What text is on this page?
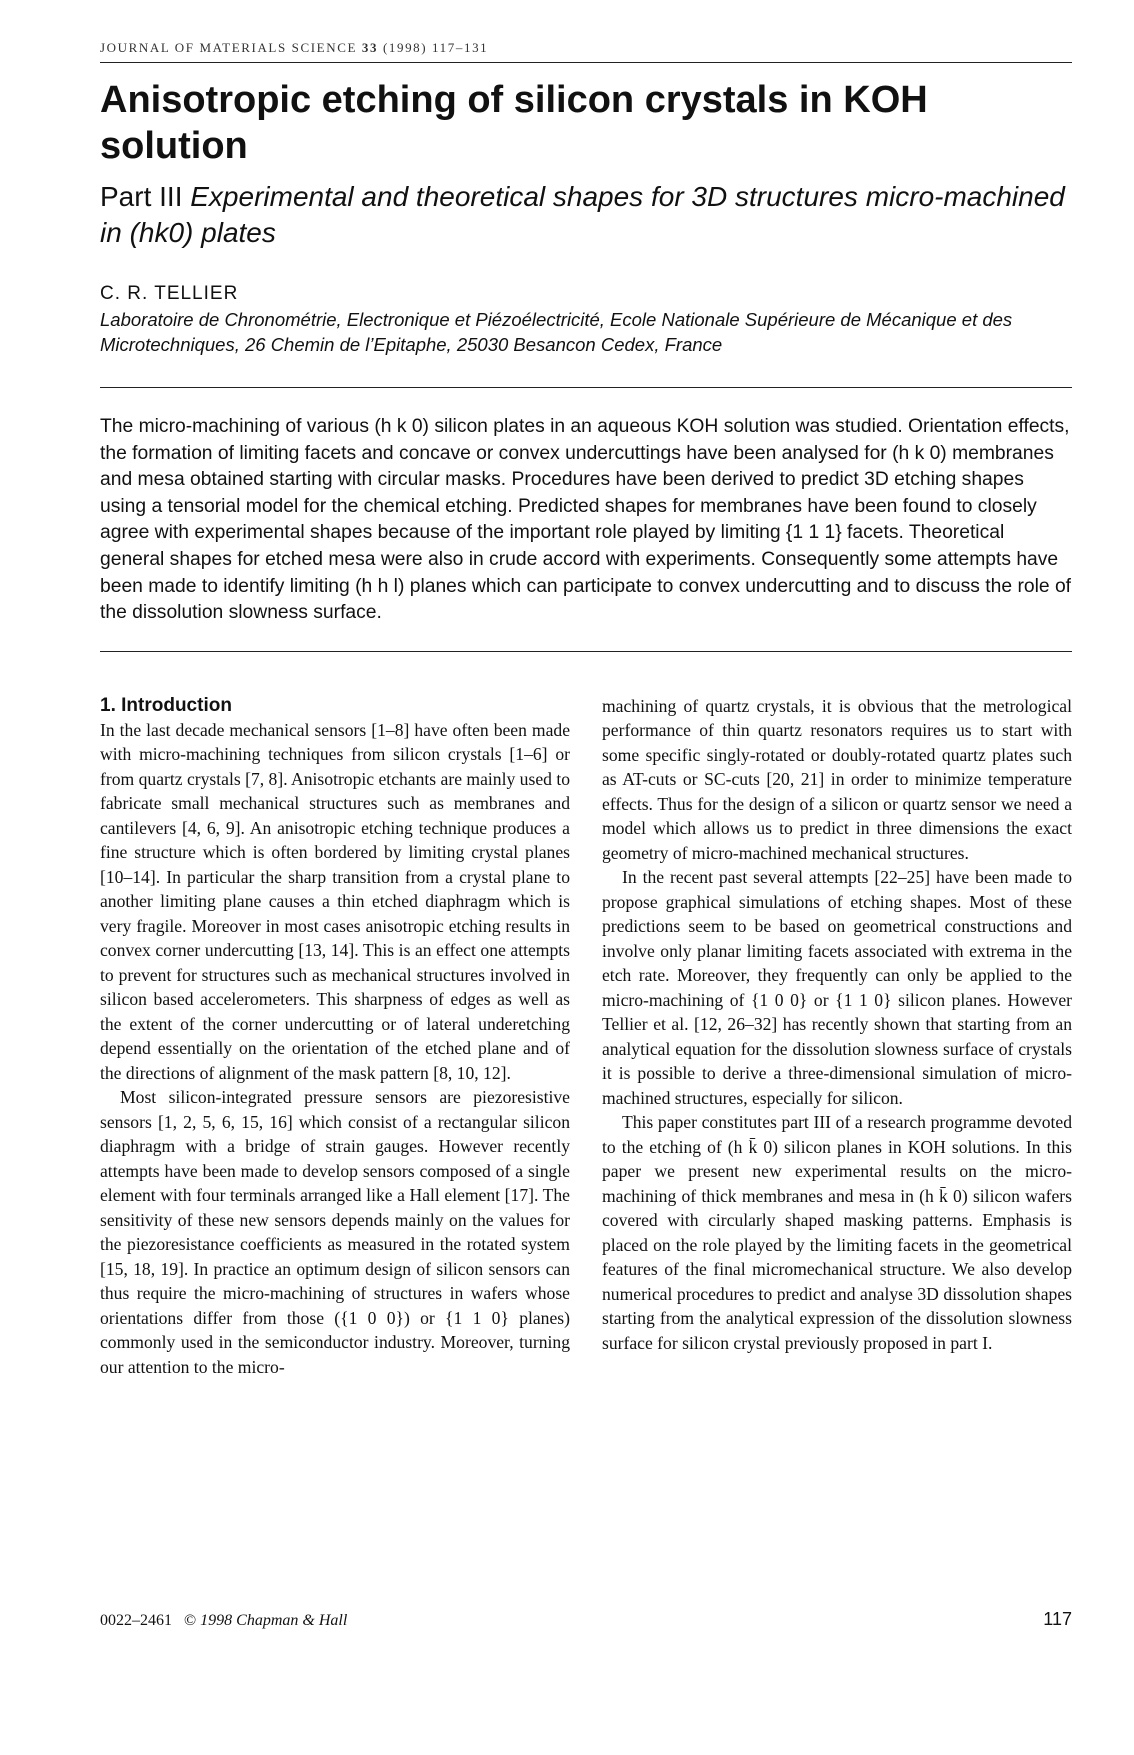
JOURNAL OF MATERIALS SCIENCE 33 (1998) 117–131
Anisotropic etching of silicon crystals in KOH solution
Part III Experimental and theoretical shapes for 3D structures micro-machined in (hk0) plates
C. R. TELLIER
Laboratoire de Chronométrie, Electronique et Piézoélectricité, Ecole Nationale Supérieure de Mécanique et des Microtechniques, 26 Chemin de l’Epitaphe, 25030 Besancon Cedex, France
The micro-machining of various (h k 0) silicon plates in an aqueous KOH solution was studied. Orientation effects, the formation of limiting facets and concave or convex undercuttings have been analysed for (h k 0) membranes and mesa obtained starting with circular masks. Procedures have been derived to predict 3D etching shapes using a tensorial model for the chemical etching. Predicted shapes for membranes have been found to closely agree with experimental shapes because of the important role played by limiting {1 1 1} facets. Theoretical general shapes for etched mesa were also in crude accord with experiments. Consequently some attempts have been made to identify limiting (h h l) planes which can participate to convex undercutting and to discuss the role of the dissolution slowness surface.
1. Introduction

In the last decade mechanical sensors [1–8] have often been made with micro-machining techniques from silicon crystals [1–6] or from quartz crystals [7, 8]. Anisotropic etchants are mainly used to fabricate small mechanical structures such as membranes and cantilevers [4, 6, 9]. An anisotropic etching technique produces a fine structure which is often bordered by limiting crystal planes [10–14]. In particular the sharp transition from a crystal plane to another limiting plane causes a thin etched diaphragm which is very fragile. Moreover in most cases anisotropic etching results in convex corner undercutting [13, 14]. This is an effect one attempts to prevent for structures such as mechanical structures involved in silicon based accelerometers. This sharpness of edges as well as the extent of the corner undercutting or of lateral underetching depend essentially on the orientation of the etched plane and of the directions of alignment of the mask pattern [8, 10, 12].

Most silicon-integrated pressure sensors are piezoresistive sensors [1, 2, 5, 6, 15, 16] which consist of a rectangular silicon diaphragm with a bridge of strain gauges. However recently attempts have been made to develop sensors composed of a single element with four terminals arranged like a Hall element [17]. The sensitivity of these new sensors depends mainly on the values for the piezoresistance coefficients as measured in the rotated system [15, 18, 19]. In practice an optimum design of silicon sensors can thus require the micro-machining of structures in wafers whose orientations differ from those ({1 0 0}) or {1 1 0} planes) commonly used in the semiconductor industry. Moreover, turning our attention to the micro-

machining of quartz crystals, it is obvious that the metrological performance of thin quartz resonators requires us to start with some specific singly-rotated or doubly-rotated quartz plates such as AT-cuts or SC-cuts [20, 21] in order to minimize temperature effects. Thus for the design of a silicon or quartz sensor we need a model which allows us to predict in three dimensions the exact geometry of micro-machined mechanical structures.

In the recent past several attempts [22–25] have been made to propose graphical simulations of etching shapes. Most of these predictions seem to be based on geometrical constructions and involve only planar limiting facets associated with extrema in the etch rate. Moreover, they frequently can only be applied to the micro-machining of {1 0 0} or {1 1 0} silicon planes. However Tellier et al. [12, 26–32] has recently shown that starting from an analytical equation for the dissolution slowness surface of crystals it is possible to derive a three-dimensional simulation of micro-machined structures, especially for silicon.

This paper constitutes part III of a research programme devoted to the etching of (h k̄ 0) silicon planes in KOH solutions. In this paper we present new experimental results on the micro-machining of thick membranes and mesa in (h k̄ 0) silicon wafers covered with circularly shaped masking patterns. Emphasis is placed on the role played by the limiting facets in the geometrical features of the final micromechanical structure. We also develop numerical procedures to predict and analyse 3D dissolution shapes starting from the analytical expression of the dissolution slowness surface for silicon crystal previously proposed in part I.

0022–2461 © 1998 Chapman & Hall	117
